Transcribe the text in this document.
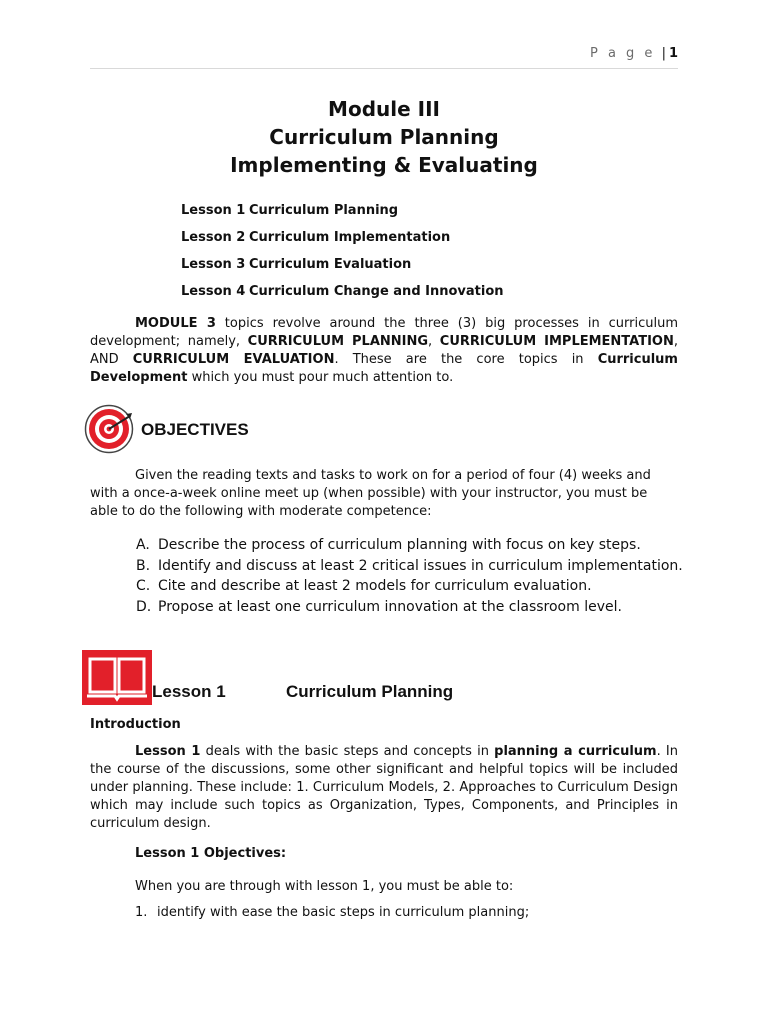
P a g e | 1
Module III
Curriculum Planning
Implementing & Evaluating
Lesson 1 Curriculum Planning
Lesson 2 Curriculum Implementation
Lesson 3 Curriculum Evaluation
Lesson 4 Curriculum Change and Innovation
MODULE 3 topics revolve around the three (3) big processes in curriculum development; namely, CURRICULUM PLANNING, CURRICULUM IMPLEMENTATION, AND CURRICULUM EVALUATION. These are the core topics in Curriculum Development which you must pour much attention to.
OBJECTIVES
Given the reading texts and tasks to work on for a period of four (4) weeks and with a once-a-week online meet up (when possible) with your instructor, you must be able to do the following with moderate competence:
A. Describe the process of curriculum planning with focus on key steps.
B. Identify and discuss at least 2 critical issues in curriculum implementation.
C. Cite and describe at least 2 models for curriculum evaluation.
D. Propose at least one curriculum innovation at the classroom level.
Lesson 1	Curriculum Planning
Introduction
Lesson 1 deals with the basic steps and concepts in planning a curriculum. In the course of the discussions, some other significant and helpful topics will be included under planning. These include: 1. Curriculum Models, 2. Approaches to Curriculum Design which may include such topics as Organization, Types, Components, and Principles in curriculum design.
Lesson 1 Objectives:
When you are through with lesson 1, you must be able to:
1. identify with ease the basic steps in curriculum planning;
